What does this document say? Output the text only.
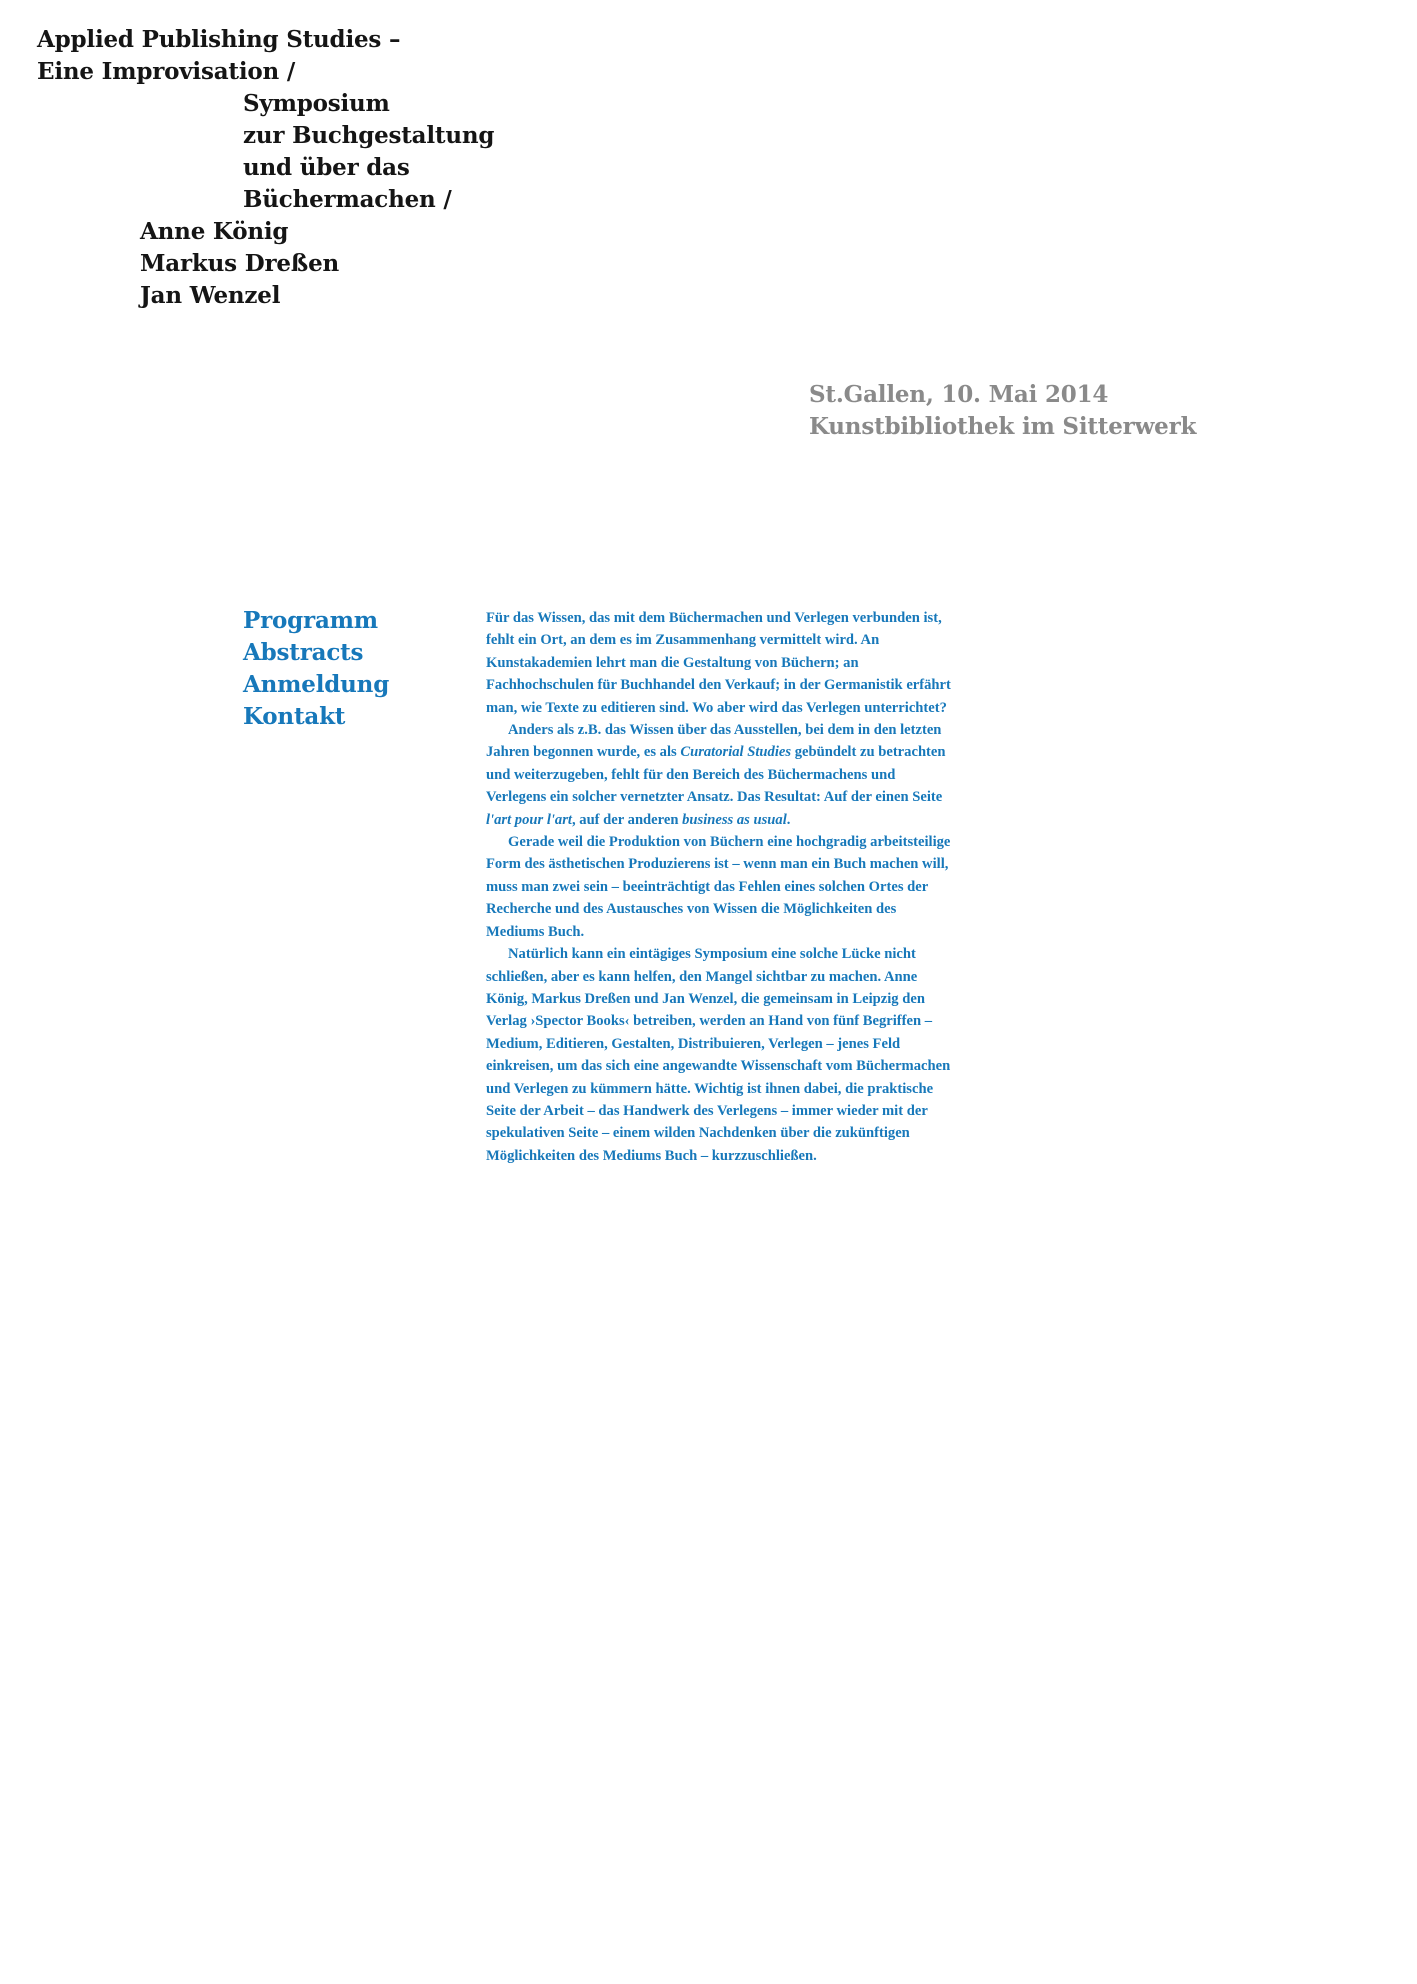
Applied Publishing Studies –
Eine Improvisation /
Symposium
zur Buchgestaltung
und über das
Büchermachen /
Anne König
Markus Dreßen
Jan Wenzel
St.Gallen, 10. Mai 2014
Kunstbibliothek im Sitterwerk
Programm
Abstracts
Anmeldung
Kontakt

Für das Wissen, das mit dem Büchermachen und Verlegen verbunden ist, fehlt ein Ort, an dem es im Zusammenhang vermittelt wird. An Kunstakademien lehrt man die Gestaltung von Büchern; an Fachhochschulen für Buchhandel den Verkauf; in der Germanistik erfährt man, wie Texte zu editieren sind. Wo aber wird das Verlegen unterrichtet?

Anders als z.B. das Wissen über das Ausstellen, bei dem in den letzten Jahren begonnen wurde, es als Curatorial Studies gebündelt zu betrachten und weiterzugeben, fehlt für den Bereich des Büchermachens und Verlegens ein solcher vernetzter Ansatz. Das Resultat: Auf der einen Seite l'art pour l'art, auf der anderen business as usual.

Gerade weil die Produktion von Büchern eine hochgradig arbeitsteilige Form des ästhetischen Produzierens ist – wenn man ein Buch machen will, muss man zwei sein – beeinträchtigt das Fehlen eines solchen Ortes der Recherche und des Austausches von Wissen die Möglichkeiten des Mediums Buch.

Natürlich kann ein eintägiges Symposium eine solche Lücke nicht schließen, aber es kann helfen, den Mangel sichtbar zu machen. Anne König, Markus Dreßen und Jan Wenzel, die gemeinsam in Leipzig den Verlag ›Spector Books‹ betreiben, werden an Hand von fünf Begriffen – Medium, Editieren, Gestalten, Distribuieren, Verlegen – jenes Feld einkreisen, um das sich eine angewandte Wissenschaft vom Büchermachen und Verlegen zu kümmern hätte. Wichtig ist ihnen dabei, die praktische Seite der Arbeit – das Handwerk des Verlegens – immer wieder mit der spekulativen Seite – einem wilden Nachdenken über die zukünftigen Möglichkeiten des Mediums Buch – kurzzuschließen.
